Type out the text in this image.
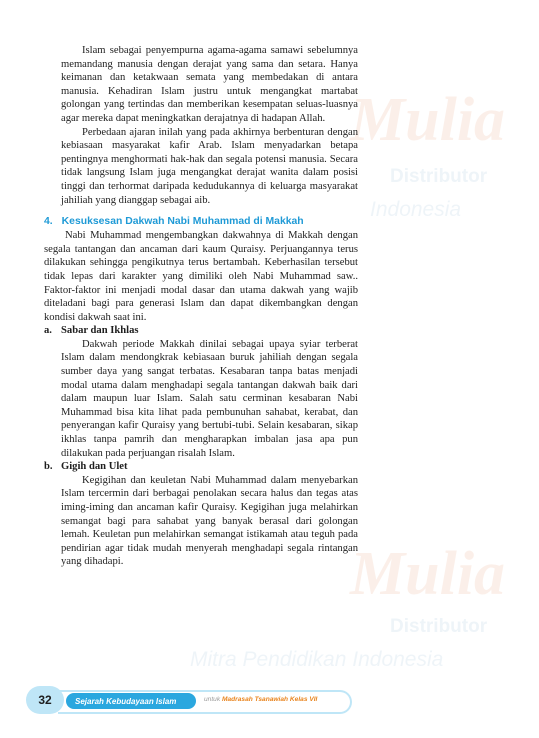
Mulia
Distributor
Indonesia
Mulia
Distributor
Mitra Pendidikan Indonesia

Islam sebagai penyempurna agama-agama samawi sebelumnya memandang manusia dengan derajat yang sama dan setara. Hanya keimanan dan ketakwaan semata yang membedakan di antara manusia. Kehadiran Islam justru untuk mengangkat martabat golongan yang tertindas dan memberikan kesempatan seluas-luasnya agar mereka dapat meningkatkan derajatnya di hadapan Allah.

Perbedaan ajaran inilah yang pada akhirnya berbenturan dengan kebiasaan masyarakat kafir Arab. Islam menyadarkan betapa pentingnya menghormati hak-hak dan segala potensi manusia. Secara tidak langsung Islam juga mengangkat derajat wanita dalam posisi tinggi dan terhormat daripada kedudukannya di keluarga masyarakat jahiliah yang dianggap sebagai aib.

4. Kesuksesan Dakwah Nabi Muhammad di Makkah

Nabi Muhammad mengembangkan dakwahnya di Makkah dengan segala tantangan dan ancaman dari kaum Quraisy. Perjuangannya terus dilakukan sehingga pengikutnya terus bertambah. Keberhasilan tersebut tidak lepas dari karakter yang dimiliki oleh Nabi Muhammad saw.. Faktor-faktor ini menjadi modal dasar dan utama dakwah yang wajib diteladani bagi para generasi Islam dan dapat dikembangkan dengan kondisi dakwah saat ini.

a. Sabar dan Ikhlas

Dakwah periode Makkah dinilai sebagai upaya syiar terberat Islam dalam mendongkrak kebiasaan buruk jahiliah dengan segala sumber daya yang sangat terbatas. Kesabaran tanpa batas menjadi modal utama dalam menghadapi segala tantangan dakwah baik dari dalam maupun luar Islam. Salah satu cerminan kesabaran Nabi Muhammad bisa kita lihat pada pembunuhan sahabat, kerabat, dan penyerangan kafir Quraisy yang bertubi-tubi. Selain kesabaran, sikap ikhlas tanpa pamrih dan mengharapkan imbalan jasa apa pun dilakukan pada perjuangan risalah Islam.

b. Gigih dan Ulet

Kegigihan dan keuletan Nabi Muhammad dalam menyebarkan Islam tercermin dari berbagai penolakan secara halus dan tegas atas iming-iming dan ancaman kafir Quraisy. Kegigihan juga melahirkan semangat bagi para sahabat yang banyak berasal dari golongan lemah. Keuletan pun melahirkan semangat istikamah atau teguh pada pendirian agar tidak mudah menyerah menghadapi segala rintangan yang dihadapi.

32	Sejarah Kebudayaan Islam	untuk Madrasah Tsanawiah Kelas VII
